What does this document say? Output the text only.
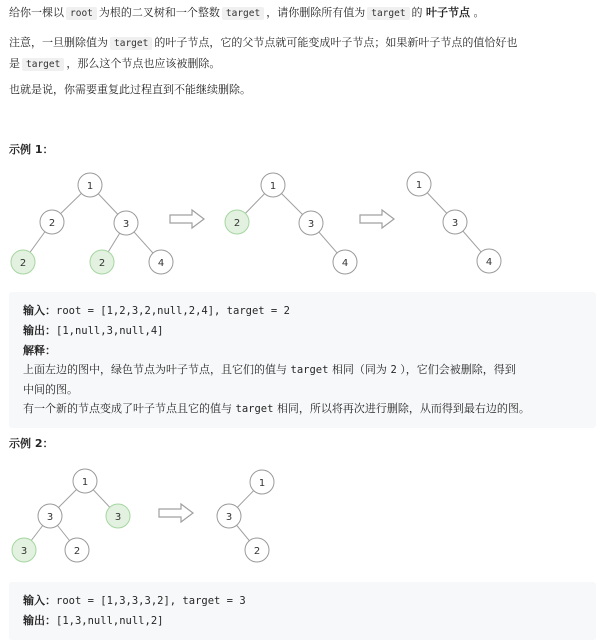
给你一棵以 root 为根的二叉树和一个整数 target ，请你删除所有值为 target 的 叶子节点 。

注意，一旦删除值为 target 的叶子节点，它的父节点就可能变成叶子节点；如果新叶子节点的值恰好也
是 target ，那么这个节点也应该被删除。

也就是说，你需要重复此过程直到不能继续删除。

示例 1：
1
2	3
2	2	4
1
2	3
4
1
3
4
输入：root = [1,2,3,2,null,2,4], target = 2
输出：[1,null,3,null,4]
解释：
上面左边的图中，绿色节点为叶子节点，且它们的值与 target 相同（同为 2 ），它们会被删除，得到
中间的图。
有一个新的节点变成了叶子节点且它的值与 target 相同，所以将再次进行删除，从而得到最右边的图。
示例 2：
1
3	3
3	2
1
3
2
输入：root = [1,3,3,3,2], target = 3
输出：[1,3,null,null,2]
